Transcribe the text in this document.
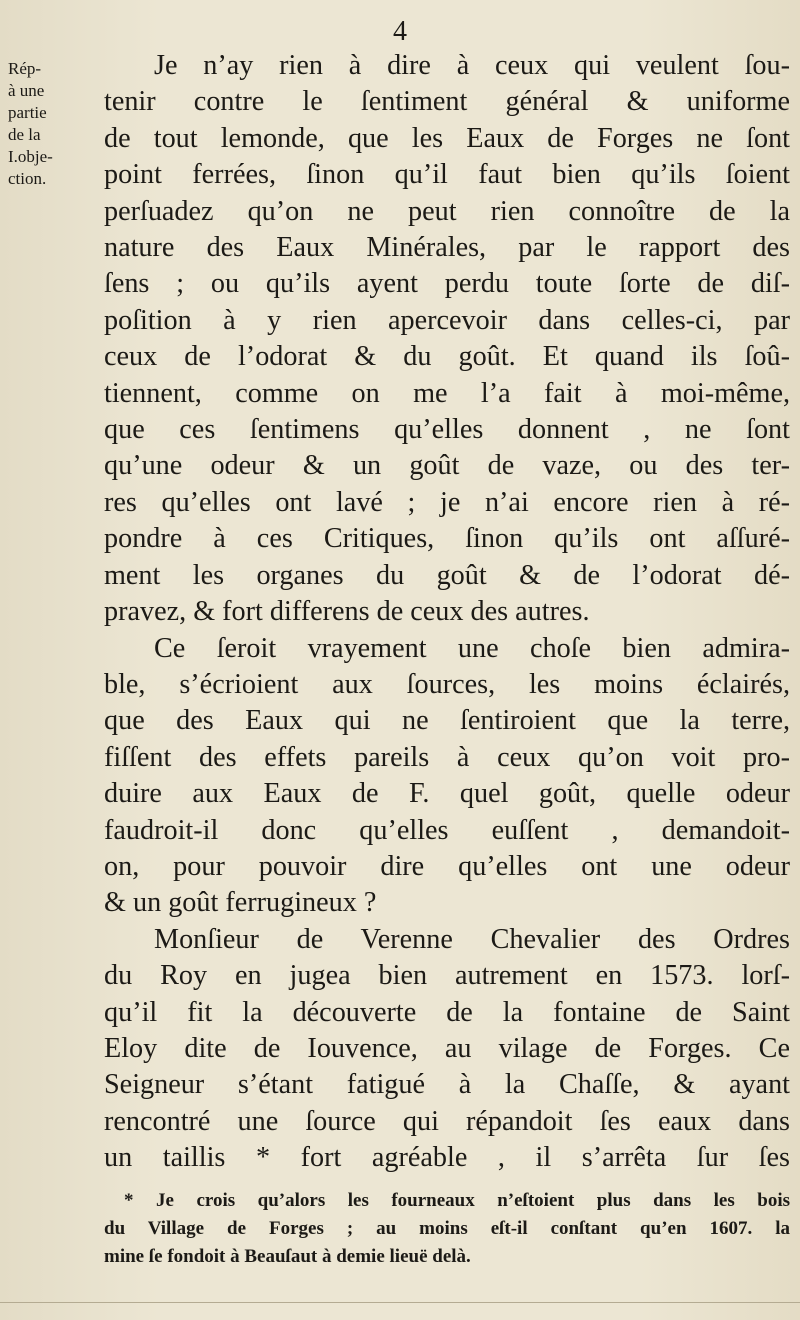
4
Rép-
à une
partie
de la
I.obje-
ction.
Je n’ay rien à dire à ceux qui veulent ſou-
tenir contre le ſentiment général & uniforme
de tout lemonde, que les Eaux de Forges ne ſont
point ferrées, ſinon qu’il faut bien qu’ils ſoient
perſuadez qu’on ne peut rien connoître de la
nature des Eaux Minérales, par le rapport des
ſens ; ou qu’ils ayent perdu toute ſorte de diſ-
poſition à y rien apercevoir dans celles-ci, par
ceux de l’odorat & du goût. Et quand ils ſoû-
tiennent, comme on me l’a fait à moi-même,
que ces ſentimens qu’elles donnent , ne ſont
qu’une odeur & un goût de vaze, ou des ter-
res qu’elles ont lavé ; je n’ai encore rien à ré-
pondre à ces Critiques, ſinon qu’ils ont aſſuré-
ment les organes du goût & de l’odorat dé-
pravez, & fort differens de ceux des autres.
Ce ſeroit vrayement une choſe bien admira-
ble, s’écrioient aux ſources, les moins éclairés,
que des Eaux qui ne ſentiroient que la terre,
fiſſent des effets pareils à ceux qu’on voit pro-
duire aux Eaux de F. quel goût, quelle odeur
faudroit-il donc qu’elles euſſent , demandoit-
on, pour pouvoir dire qu’elles ont une odeur
& un goût ferrugineux ?
Monſieur de Verenne Chevalier des Ordres
du Roy en jugea bien autrement en 1573. lorſ-
qu’il fit la découverte de la fontaine de Saint
Eloy dite de Iouvence, au vilage de Forges. Ce
Seigneur s’étant fatigué à la Chaſſe, & ayant
rencontré une ſource qui répandoit ſes eaux dans
un taillis * fort agréable , il s’arrêta ſur ſes
* Je crois qu’alors les fourneaux n’eſtoient plus dans les bois
du Village de Forges ; au moins eſt-il conſtant qu’en 1607. la
mine ſe fondoit à Beauſaut à demie lieuë delà.
